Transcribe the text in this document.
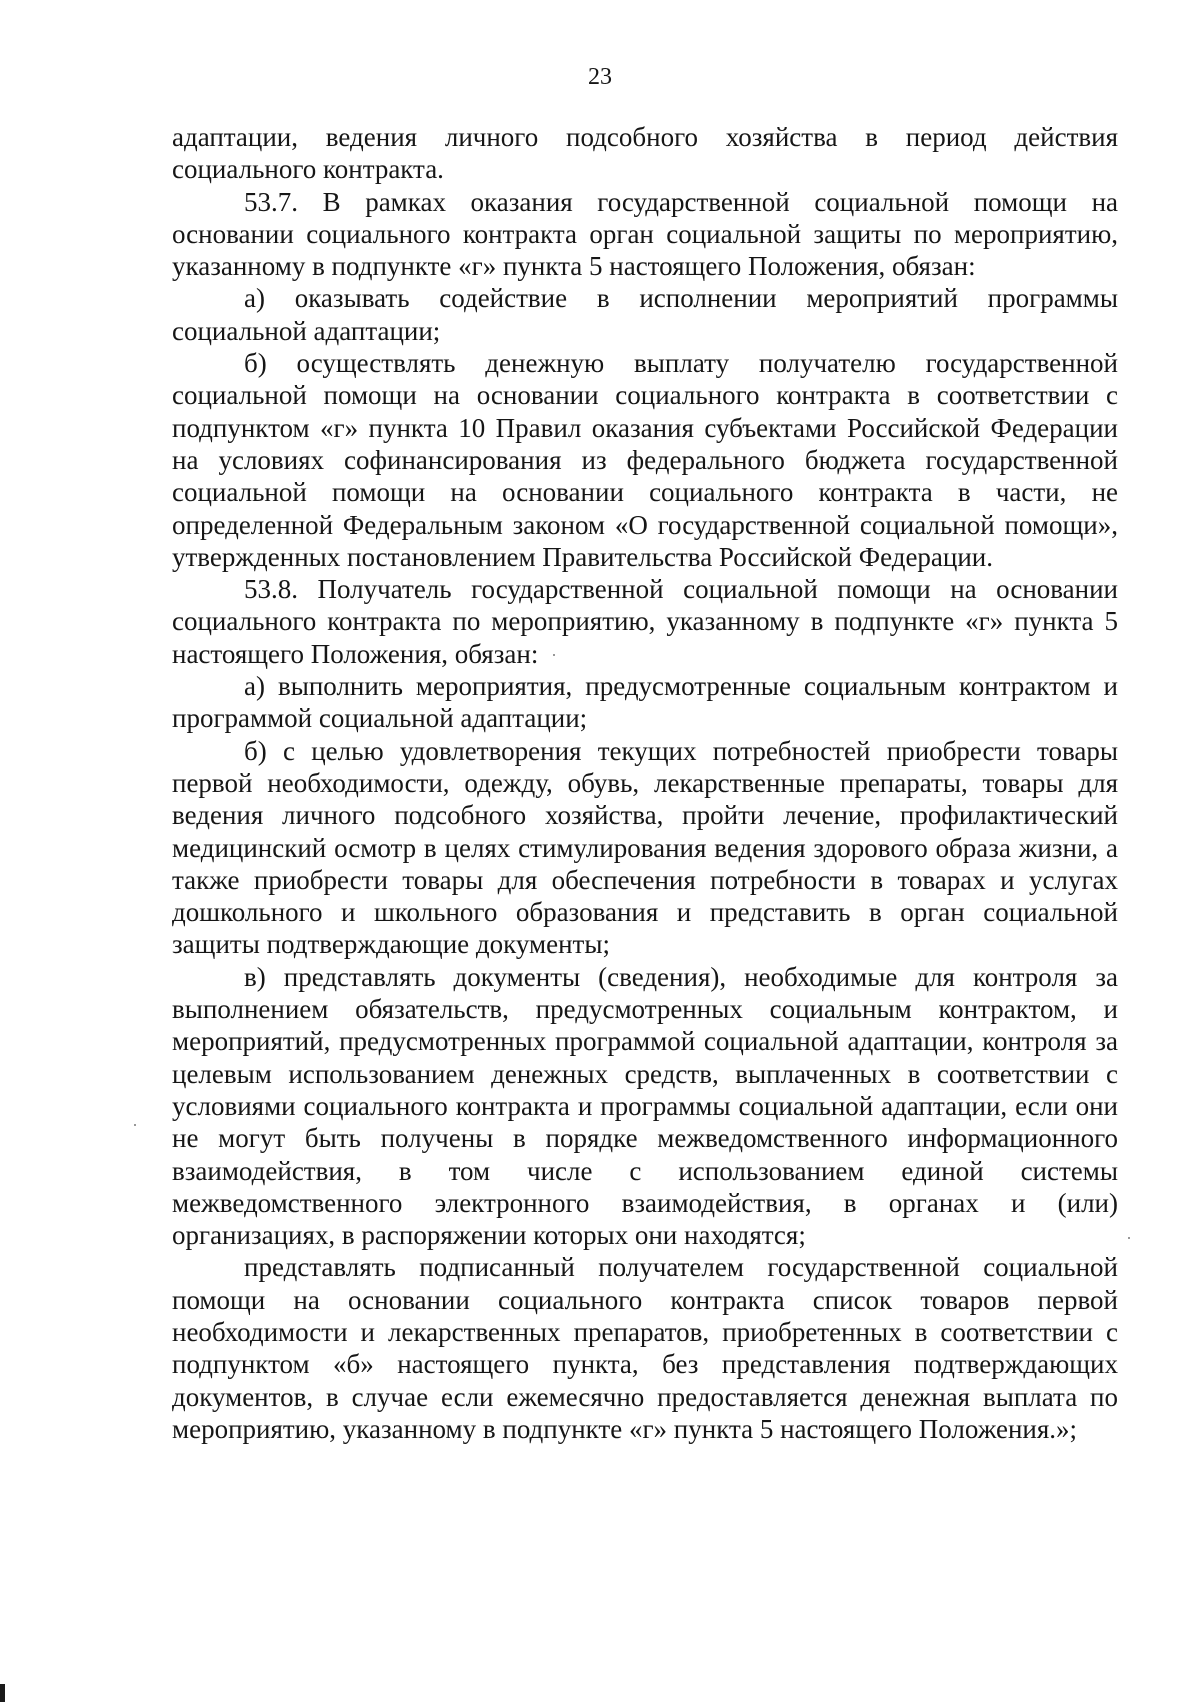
23

адаптации, ведения личного подсобного хозяйства в период действия социального контракта.

53.7. В рамках оказания государственной социальной помощи на основании социального контракта орган социальной защиты по мероприятию, указанному в подпункте «г» пункта 5 настоящего Положения, обязан:

а) оказывать содействие в исполнении мероприятий программы социальной адаптации;

б) осуществлять денежную выплату получателю государственной социальной помощи на основании социального контракта в соответствии с подпунктом «г» пункта 10 Правил оказания субъектами Российской Федерации на условиях софинансирования из федерального бюджета государственной социальной помощи на основании социального контракта в части, не определенной Федеральным законом «О государственной социальной помощи», утвержденных постановлением Правительства Российской Федерации.

53.8. Получатель государственной социальной помощи на основании социального контракта по мероприятию, указанному в подпункте «г» пункта 5 настоящего Положения, обязан:

а) выполнить мероприятия, предусмотренные социальным контрактом и программой социальной адаптации;

б) с целью удовлетворения текущих потребностей приобрести товары первой необходимости, одежду, обувь, лекарственные препараты, товары для ведения личного подсобного хозяйства, пройти лечение, профилактический медицинский осмотр в целях стимулирования ведения здорового образа жизни, а также приобрести товары для обеспечения потребности в товарах и услугах дошкольного и школьного образования и представить в орган социальной защиты подтверждающие документы;

в) представлять документы (сведения), необходимые для контроля за выполнением обязательств, предусмотренных социальным контрактом, и мероприятий, предусмотренных программой социальной адаптации, контроля за целевым использованием денежных средств, выплаченных в соответствии с условиями социального контракта и программы социальной адаптации, если они не могут быть получены в порядке межведомственного информационного взаимодействия, в том числе с использованием единой системы межведомственного электронного взаимодействия, в органах и (или) организациях, в распоряжении которых они находятся;

представлять подписанный получателем государственной социальной помощи на основании социального контракта список товаров первой необходимости и лекарственных препаратов, приобретенных в соответствии с подпунктом «б» настоящего пункта, без представления подтверждающих документов, в случае если ежемесячно предоставляется денежная выплата по мероприятию, указанному в подпункте «г» пункта 5 настоящего Положения.»;
